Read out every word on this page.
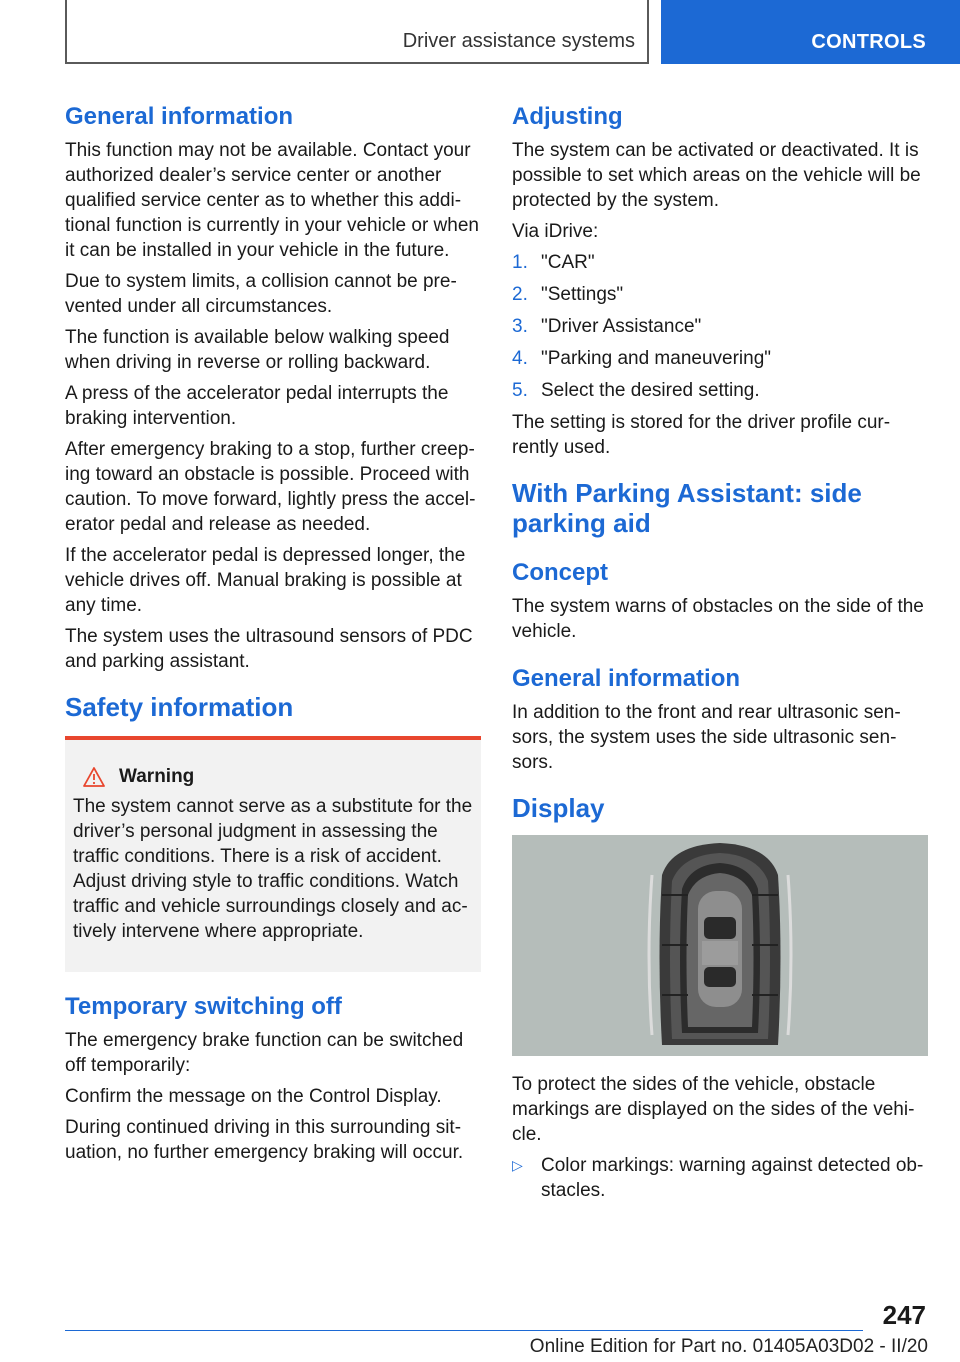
Driver assistance systems	CONTROLS
General information

This function may not be available. Contact your authorized dealer’s service center or another qualified service center as to whether this additional function is currently in your vehicle or when it can be installed in your vehicle in the future.

Due to system limits, a collision cannot be prevented under all circumstances.

The function is available below walking speed when driving in reverse or rolling backward.

A press of the accelerator pedal interrupts the braking intervention.

After emergency braking to a stop, further creeping toward an obstacle is possible. Proceed with caution. To move forward, lightly press the accelerator pedal and release as needed.

If the accelerator pedal is depressed longer, the vehicle drives off. Manual braking is possible at any time.

The system uses the ultrasound sensors of PDC and parking assistant.

Safety information
Warning

The system cannot serve as a substitute for the driver’s personal judgment in assessing the traffic conditions. There is a risk of accident. Adjust driving style to traffic conditions. Watch traffic and vehicle surroundings closely and actively intervene where appropriate.

Temporary switching off

The emergency brake function can be switched off temporarily:

Confirm the message on the Control Display.

During continued driving in this surrounding situation, no further emergency braking will occur.

Adjusting

The system can be activated or deactivated. It is possible to set which areas on the vehicle will be protected by the system.

Via iDrive:

1. "CAR"
2. "Settings"
3. "Driver Assistance"
4. "Parking and maneuvering"
5. Select the desired setting.

The setting is stored for the driver profile currently used.

With Parking Assistant: side parking aid
Concept

The system warns of obstacles on the side of the vehicle.

General information

In addition to the front and rear ultrasonic sensors, the system uses the side ultrasonic sensors.

Display

To protect the sides of the vehicle, obstacle markings are displayed on the sides of the vehicle.

▷ Color markings: warning against detected obstacles.
247
Online Edition for Part no. 01405A03D02 - II/20
